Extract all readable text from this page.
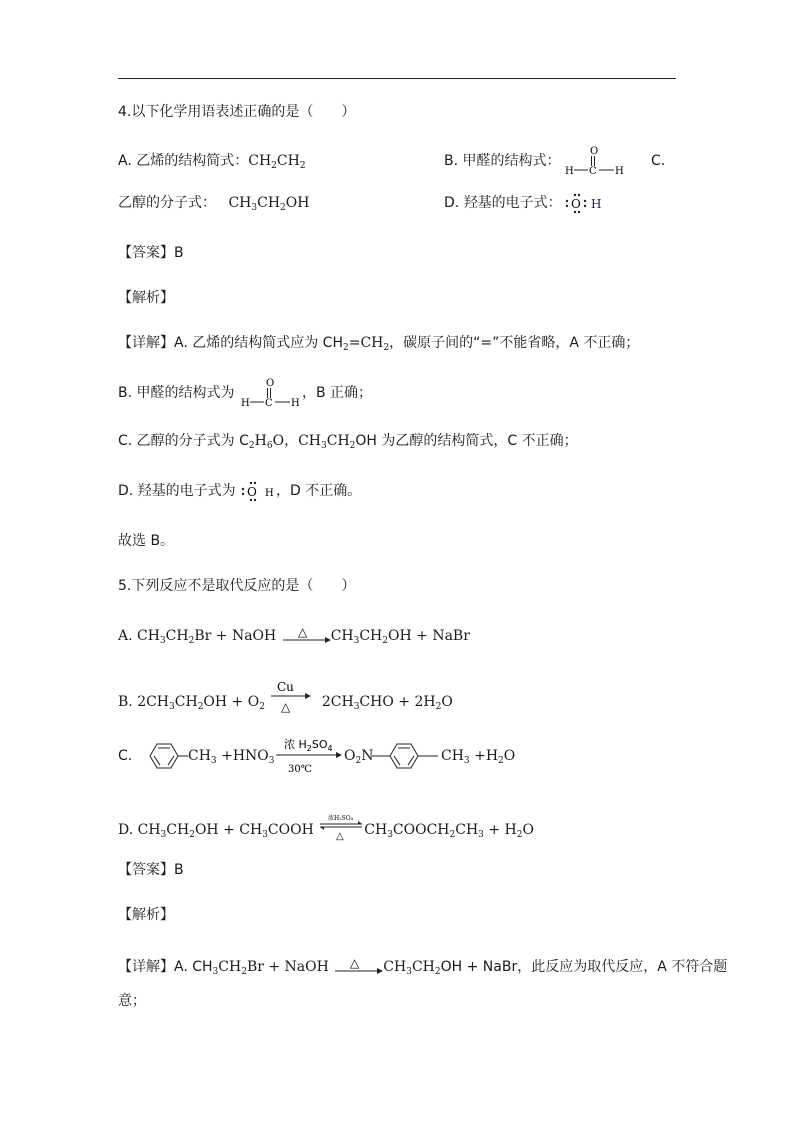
4.以下化学用语表述正确的是（　　）
A. 乙烯的结构简式：$CH_2CH_2$	B. 甲醛的结构式：
O
H C H
C.
乙醇的分子式： $CH_3CH_2OH$	D. 羟基的电子式： O H
【答案】B
【解析】
【详解】A. 乙烯的结构简式应为 $CH_2=CH_2$，碳原子间的“=”不能省略，A 不正确；
B. 甲醛的结构式为
O
H C H
，B 正确；
C. 乙醇的分子式为 $C_2H_6O$，$CH_3CH_2OH$ 为乙醇的结构简式，C 不正确；
D. 羟基的电子式为 O H ，D 不正确。
故选 B。
5.下列反应不是取代反应的是（　　）
A. $CH_3CH_2Br$ + NaOH △ $CH_3CH_2OH$ + NaBr
B. $2CH_3CH_2OH + O_2$
Cu
△ $2CH_3CHO + 2H_2O$
C.	$CH_3 +HNO_3$
浓 $H_2SO_4$
30℃
$O_2N$	$CH_3 +H_2O$
D. $CH_3CH_2OH$ + $CH_3COOH$
浓H₂SO₄
△ $CH_3COOCH_2CH_3 + H_2O$
【答案】B
【解析】
【详解】A. $CH_3CH_2Br$ + NaOH △ $CH_3CH_2OH$ + NaBr，此反应为取代反应，A 不符合题
意；
